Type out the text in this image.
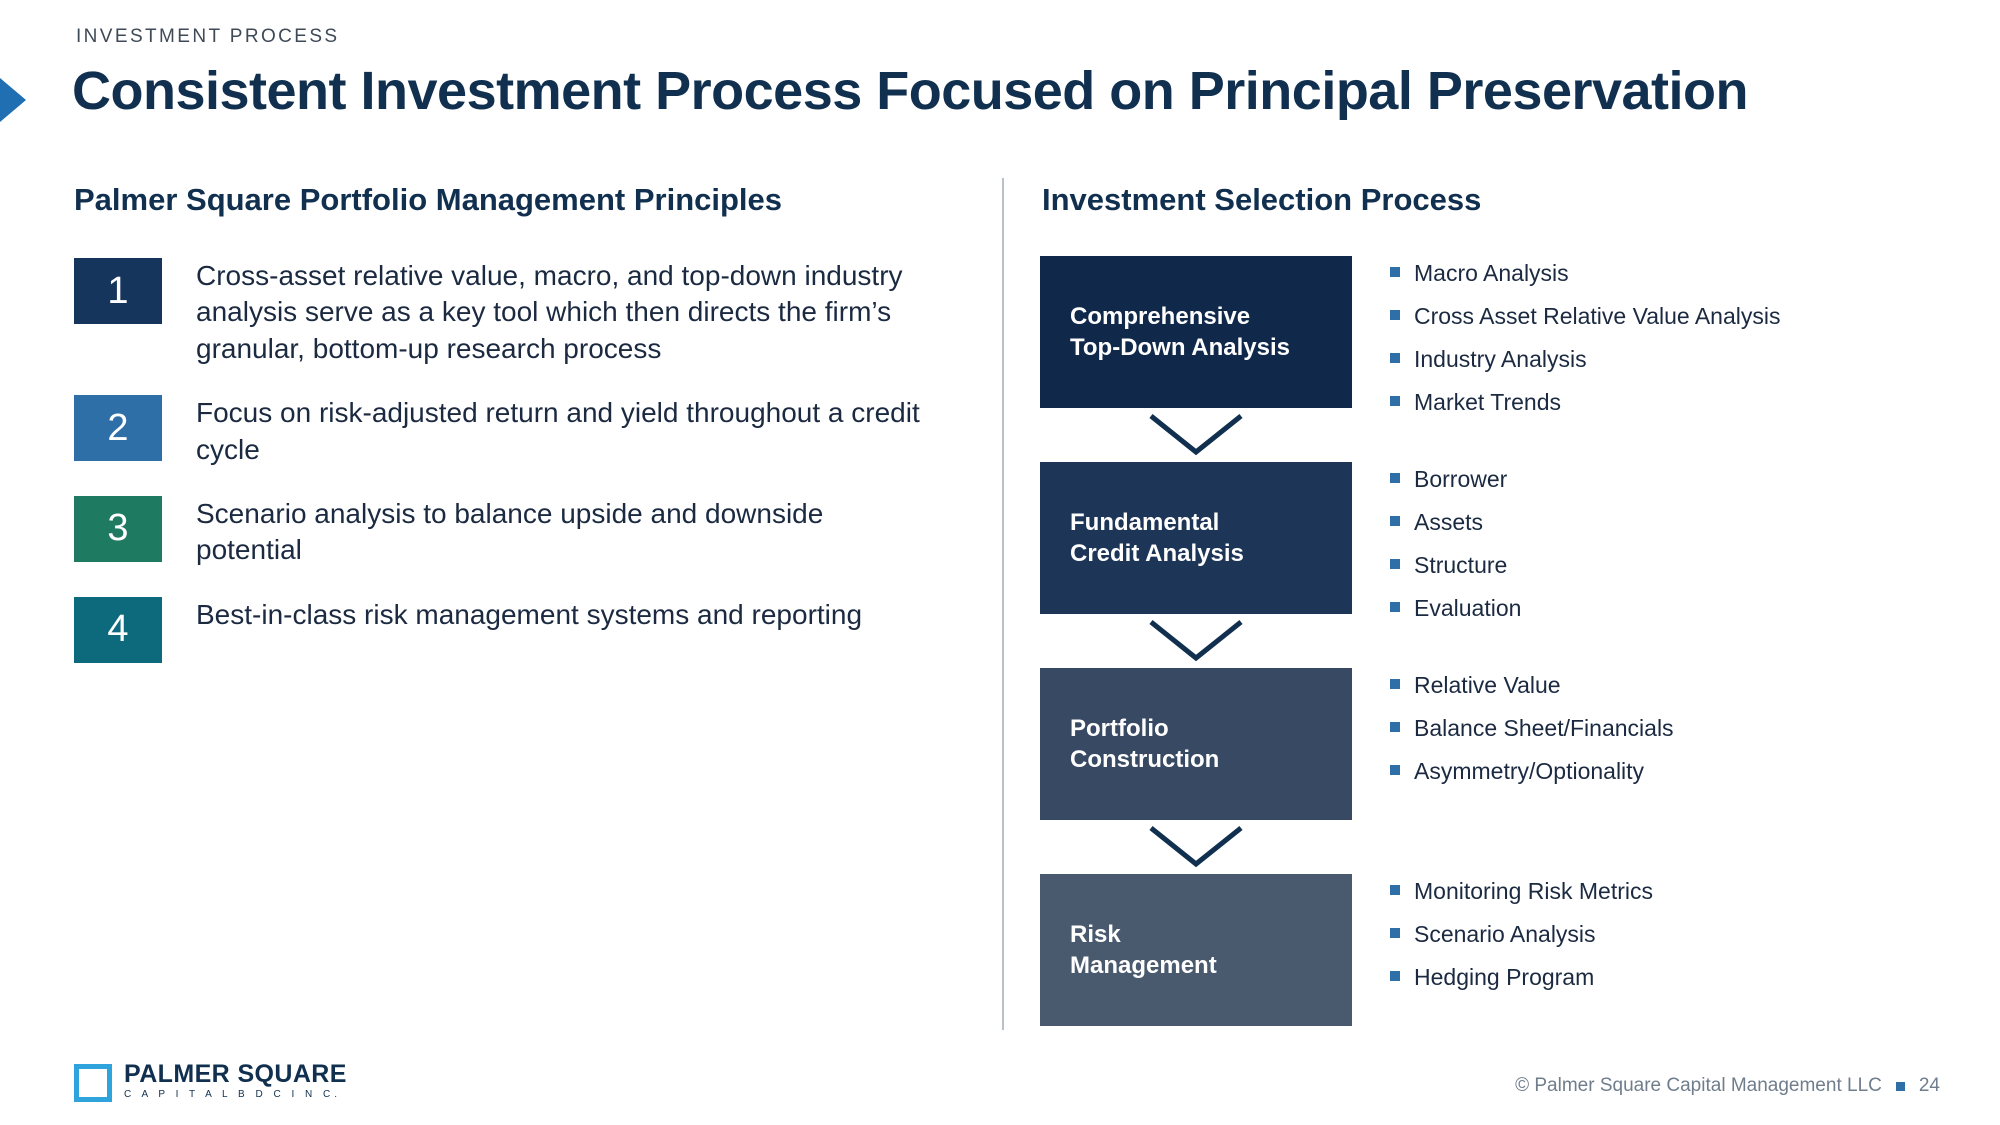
INVESTMENT PROCESS
Consistent Investment Process Focused on Principal Preservation
Palmer Square Portfolio Management Principles	Investment Selection Process
1	Cross-asset relative value, macro, and top-down industry analysis serve as a key tool which then directs the firm’s granular, bottom-up research process
2	Focus on risk-adjusted return and yield throughout a credit cycle
3	Scenario analysis to balance upside and downside potential
4	Best-in-class risk management systems and reporting
Comprehensive
Top-Down Analysis
Macro Analysis
Cross Asset Relative Value Analysis
Industry Analysis
Market Trends
Fundamental
Credit Analysis
Borrower
Assets
Structure
Evaluation
Portfolio
Construction
Relative Value
Balance Sheet/Financials
Asymmetry/Optionality
Risk
Management
Monitoring Risk Metrics
Scenario Analysis
Hedging Program
PALMER SQUARE
C A P I T A L B D C I N C.	© Palmer Square Capital Management LLC 24
